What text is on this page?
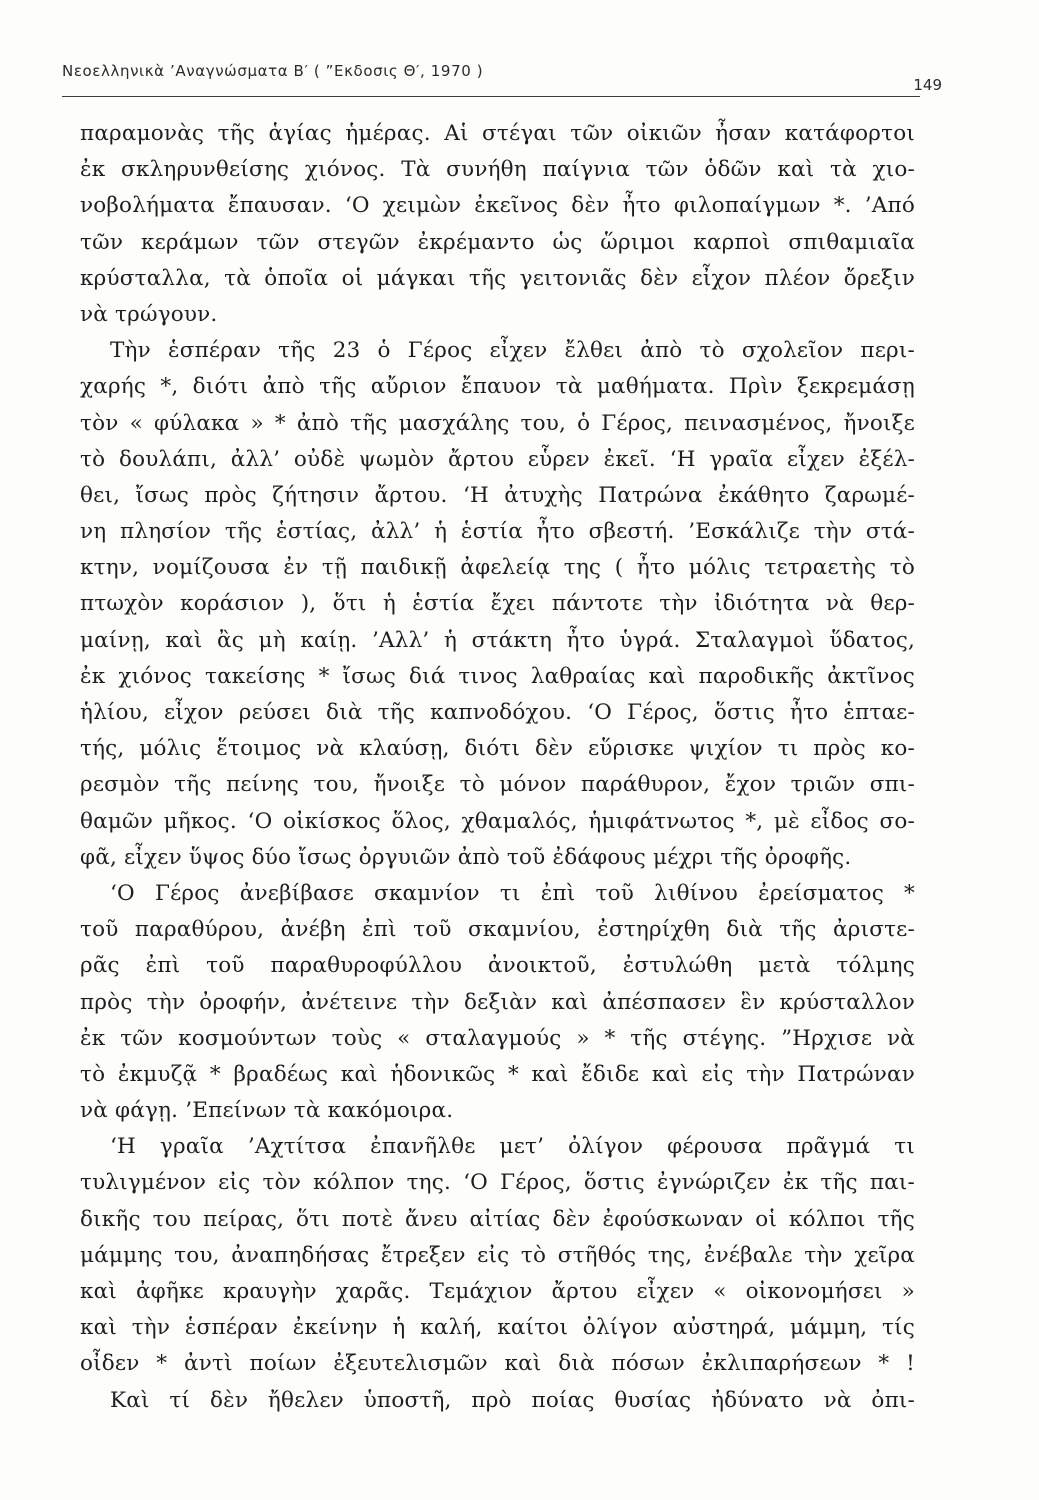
Νεοελληνικὰ ’Αναγνώσματα Β′ ( ”Εκδοσις Θ′, 1970 )
149
παραμονὰς τῆς ἁγίας ἡμέρας. Αἱ στέγαι τῶν οἰκιῶν ἦσαν κατάφορτοι
ἐκ σκληρυνθείσης χιόνος. Τὰ συνήθη παίγνια τῶν ὁδῶν καὶ τὰ χιο-
νοβολήματα ἔπαυσαν. ‘Ο χειμὼν ἐκεῖνος δὲν ἦτο φιλοπαίγμων *. ’Από
τῶν κεράμων τῶν στεγῶν ἐκρέμαντο ὡς ὥριμοι καρποὶ σπιθαμιαῖα
κρύσταλλα, τὰ ὁποῖα οἱ μάγκαι τῆς γειτονιᾶς δὲν εἶχον πλέον ὄρεξιν
νὰ τρώγουν.
Τὴν ἑσπέραν τῆς 23 ὁ Γέρος εἶχεν ἔλθει ἀπὸ τὸ σχολεῖον περι-
χαρής *, διότι ἀπὸ τῆς αὔριον ἔπαυον τὰ μαθήματα. Πρὶν ξεκρεμάσῃ
τὸν « φύλακα » * ἀπὸ τῆς μασχάλης του, ὁ Γέρος, πεινασμένος, ἤνοιξε
τὸ δουλάπι, ἀλλ’ οὐδὲ ψωμὸν ἄρτου εὗρεν ἐκεῖ. ‘Η γραῖα εἶχεν ἐξέλ-
θει, ἴσως πρὸς ζήτησιν ἄρτου. ‘Η ἀτυχὴς Πατρώνα ἐκάθητο ζαρωμέ-
νη πλησίον τῆς ἑστίας, ἀλλ’ ἡ ἑστία ἦτο σβεστή. ’Εσκάλιζε τὴν στά-
κτην, νομίζουσα ἐν τῇ παιδικῇ ἀφελείᾳ της ( ἦτο μόλις τετραετὴς τὸ
πτωχὸν κοράσιον ), ὅτι ἡ ἑστία ἔχει πάντοτε τὴν ἰδιότητα νὰ θερ-
μαίνῃ, καὶ ἂς μὴ καίῃ. ’Αλλ’ ἡ στάκτη ἦτο ὑγρά. Σταλαγμοὶ ὕδατος,
ἐκ χιόνος τακείσης * ἴσως διά τινος λαθραίας καὶ παροδικῆς ἀκτῖνος
ἡλίου, εἶχον ρεύσει διὰ τῆς καπνοδόχου. ‘Ο Γέρος, ὅστις ἦτο ἑπταε-
τής, μόλις ἕτοιμος νὰ κλαύσῃ, διότι δὲν εὕρισκε ψιχίον τι πρὸς κο-
ρεσμὸν τῆς πείνης του, ἤνοιξε τὸ μόνον παράθυρον, ἔχον τριῶν σπι-
θαμῶν μῆκος. ‘Ο οἰκίσκος ὅλος, χθαμαλός, ἡμιφάτνωτος *, μὲ εἶδος σο-
φᾶ, εἶχεν ὕψος δύο ἴσως ὀργυιῶν ἀπὸ τοῦ ἐδάφους μέχρι τῆς ὀροφῆς.
‘Ο Γέρος ἀνεβίβασε σκαμνίον τι ἐπὶ τοῦ λιθίνου ἐρείσματος *
τοῦ παραθύρου, ἀνέβη ἐπὶ τοῦ σκαμνίου, ἐστηρίχθη διὰ τῆς ἀριστε-
ρᾶς ἐπὶ τοῦ παραθυροφύλλου ἀνοικτοῦ, ἐστυλώθη μετὰ τόλμης
πρὸς τὴν ὀροφήν, ἀνέτεινε τὴν δεξιὰν καὶ ἀπέσπασεν ἓν κρύσταλλον
ἐκ τῶν κοσμούντων τοὺς « σταλαγμούς » * τῆς στέγης. ”Ηρχισε νὰ
τὸ ἐκμυζᾷ * βραδέως καὶ ἡδονικῶς * καὶ ἔδιδε καὶ εἰς τὴν Πατρώναν
νὰ φάγῃ. ’Επείνων τὰ κακόμοιρα.
‘Η γραῖα ’Αχτίτσα ἐπανῆλθε μετ’ ὀλίγον φέρουσα πρᾶγμά τι
τυλιγμένον εἰς τὸν κόλπον της. ‘Ο Γέρος, ὅστις ἐγνώριζεν ἐκ τῆς παι-
δικῆς του πείρας, ὅτι ποτὲ ἄνευ αἰτίας δὲν ἐφούσκωναν οἱ κόλποι τῆς
μάμμης του, ἀναπηδήσας ἔτρεξεν εἰς τὸ στῆθός της, ἐνέβαλε τὴν χεῖρα
καὶ ἀφῆκε κραυγὴν χαρᾶς. Τεμάχιον ἄρτου εἶχεν « οἰκονομήσει »
καὶ τὴν ἑσπέραν ἐκείνην ἡ καλή, καίτοι ὀλίγον αὐστηρά, μάμμη, τίς
οἶδεν * ἀντὶ ποίων ἐξευτελισμῶν καὶ διὰ πόσων ἐκλιπαρήσεων * !
Καὶ τί δὲν ἤθελεν ὑποστῆ, πρὸ ποίας θυσίας ἠδύνατο νὰ ὀπι-
